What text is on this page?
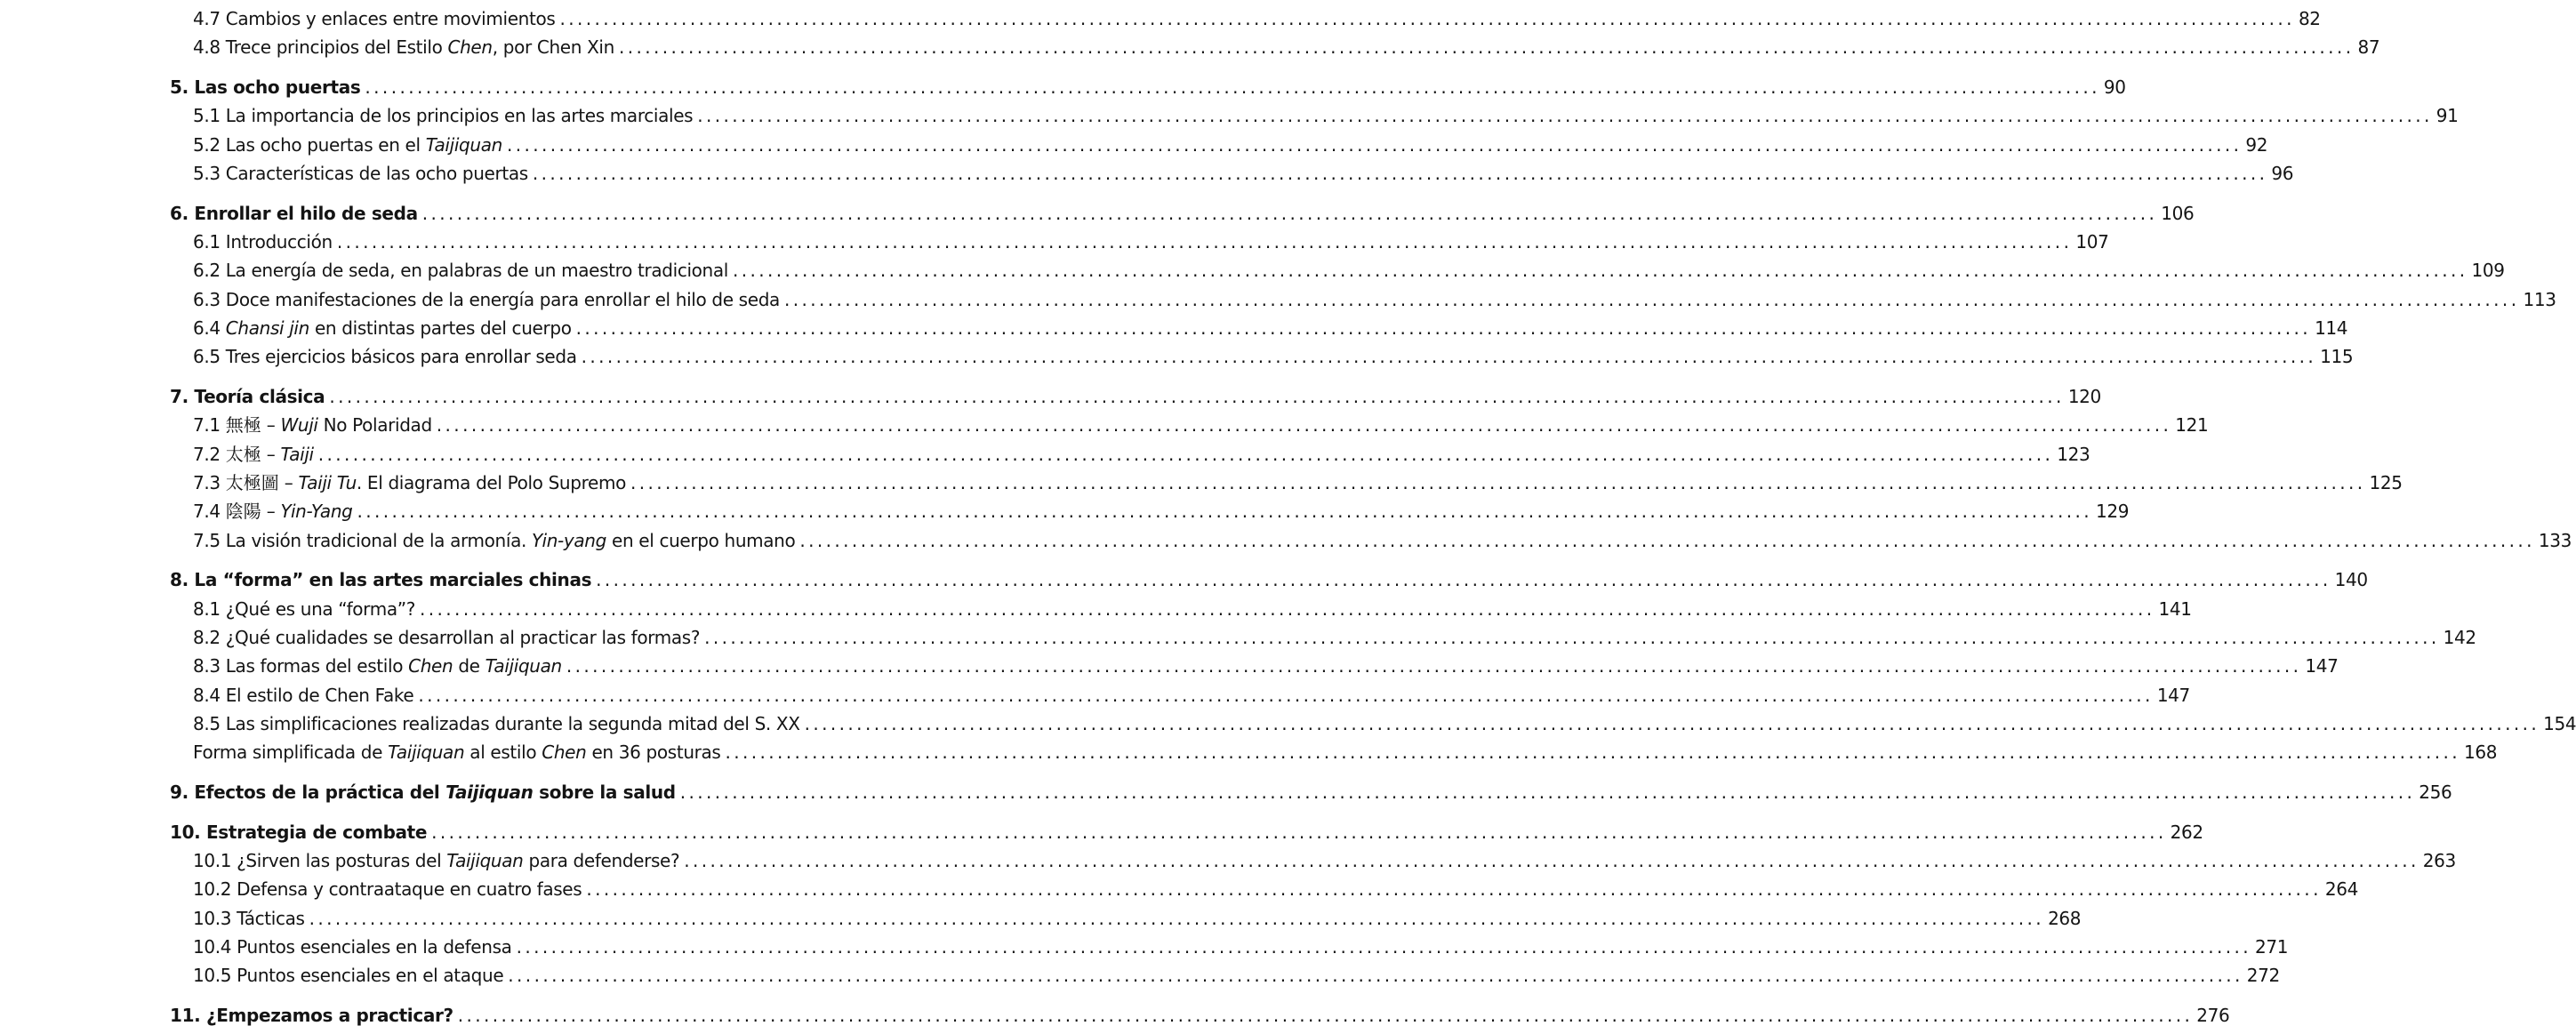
4.7 Cambios y enlaces entre movimientos ........................................................................................................................................................................................................ 82
4.8 Trece principios del Estilo Chen, por Chen Xin ........................................................................................................................................................................................................ 87
5. Las ocho puertas ........................................................................................................................................................................................................ 90
5.1 La importancia de los principios en las artes marciales ........................................................................................................................................................................................................ 91
5.2 Las ocho puertas en el Taijiquan ........................................................................................................................................................................................................ 92
5.3 Características de las ocho puertas ........................................................................................................................................................................................................ 96
6. Enrollar el hilo de seda ........................................................................................................................................................................................................ 106
6.1 Introducción ........................................................................................................................................................................................................ 107
6.2 La energía de seda, en palabras de un maestro tradicional ........................................................................................................................................................................................................ 109
6.3 Doce manifestaciones de la energía para enrollar el hilo de seda ........................................................................................................................................................................................................ 113
6.4 Chansi jin en distintas partes del cuerpo ........................................................................................................................................................................................................ 114
6.5 Tres ejercicios básicos para enrollar seda ........................................................................................................................................................................................................ 115
7. Teoría clásica ........................................................................................................................................................................................................ 120
7.1 無極 – Wuji No Polaridad ........................................................................................................................................................................................................ 121
7.2 太極 – Taiji ........................................................................................................................................................................................................ 123
7.3 太極圖 – Taiji Tu. El diagrama del Polo Supremo ........................................................................................................................................................................................................ 125
7.4 陰陽 – Yin-Yang ........................................................................................................................................................................................................ 129
7.5 La visión tradicional de la armonía. Yin-yang en el cuerpo humano ........................................................................................................................................................................................................ 133
8. La “forma” en las artes marciales chinas ........................................................................................................................................................................................................ 140
8.1 ¿Qué es una “forma”? ........................................................................................................................................................................................................ 141
8.2 ¿Qué cualidades se desarrollan al practicar las formas? ........................................................................................................................................................................................................ 142
8.3 Las formas del estilo Chen de Taijiquan ........................................................................................................................................................................................................ 147
8.4 El estilo de Chen Fake ........................................................................................................................................................................................................ 147
8.5 Las simplificaciones realizadas durante la segunda mitad del S. XX ........................................................................................................................................................................................................ 154
Forma simplificada de Taijiquan al estilo Chen en 36 posturas ........................................................................................................................................................................................................ 168
9. Efectos de la práctica del Taijiquan sobre la salud ........................................................................................................................................................................................................ 256
10. Estrategia de combate ........................................................................................................................................................................................................ 262
10.1 ¿Sirven las posturas del Taijiquan para defenderse? ........................................................................................................................................................................................................ 263
10.2 Defensa y contraataque en cuatro fases ........................................................................................................................................................................................................ 264
10.3 Tácticas ........................................................................................................................................................................................................ 268
10.4 Puntos esenciales en la defensa ........................................................................................................................................................................................................ 271
10.5 Puntos esenciales en el ataque ........................................................................................................................................................................................................ 272
11. ¿Empezamos a practicar? ........................................................................................................................................................................................................ 276
